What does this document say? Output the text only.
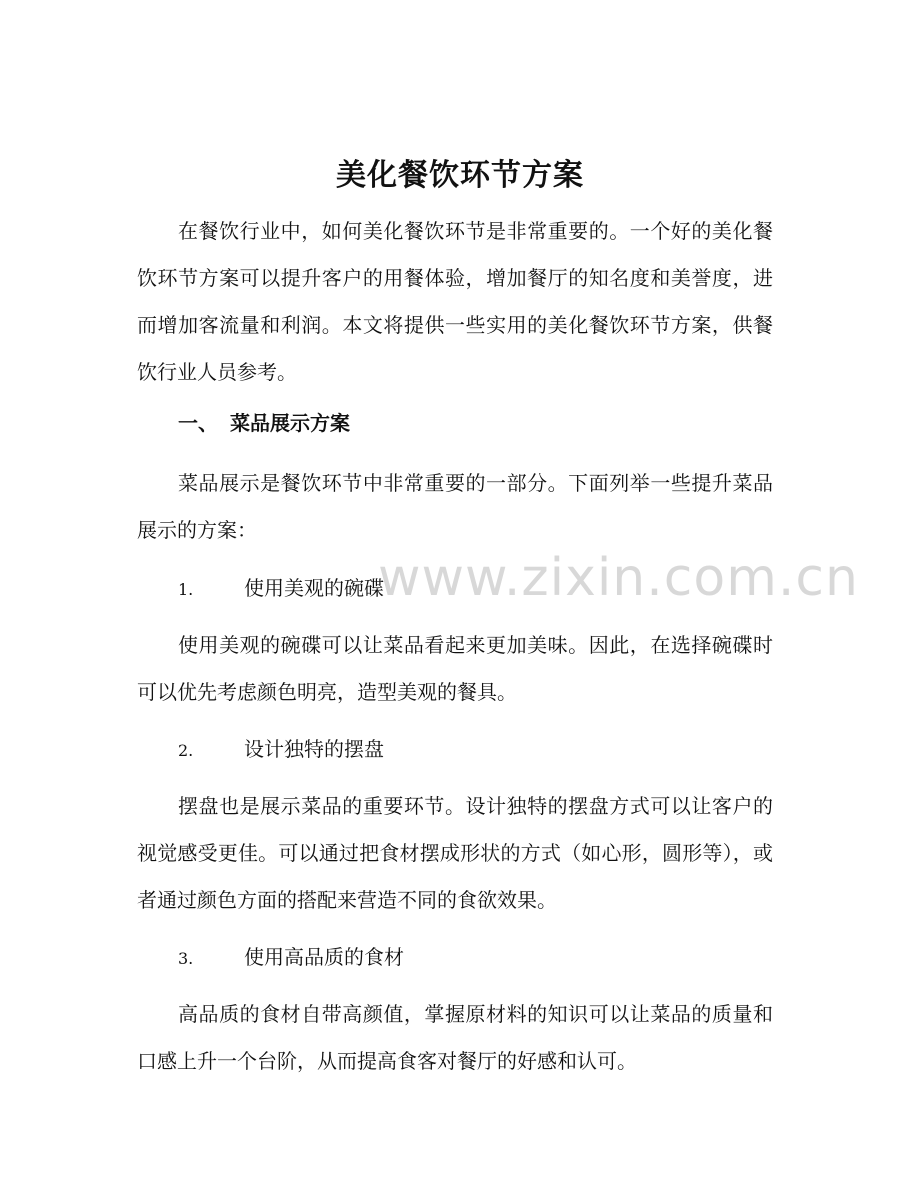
www.zixin.com.cn
美化餐饮环节方案

在餐饮行业中，如何美化餐饮环节是非常重要的。一个好的美化餐饮环节方案可以提升客户的用餐体验，增加餐厅的知名度和美誉度，进而增加客流量和利润。本文将提供一些实用的美化餐饮环节方案，供餐饮行业人员参考。

一、 菜品展示方案

菜品展示是餐饮环节中非常重要的一部分。下面列举一些提升菜品展示的方案：

1.	使用美观的碗碟

使用美观的碗碟可以让菜品看起来更加美味。因此，在选择碗碟时可以优先考虑颜色明亮，造型美观的餐具。

2.	设计独特的摆盘

摆盘也是展示菜品的重要环节。设计独特的摆盘方式可以让客户的视觉感受更佳。可以通过把食材摆成形状的方式（如心形，圆形等），或者通过颜色方面的搭配来营造不同的食欲效果。

3.	使用高品质的食材

高品质的食材自带高颜值，掌握原材料的知识可以让菜品的质量和口感上升一个台阶，从而提高食客对餐厅的好感和认可。
